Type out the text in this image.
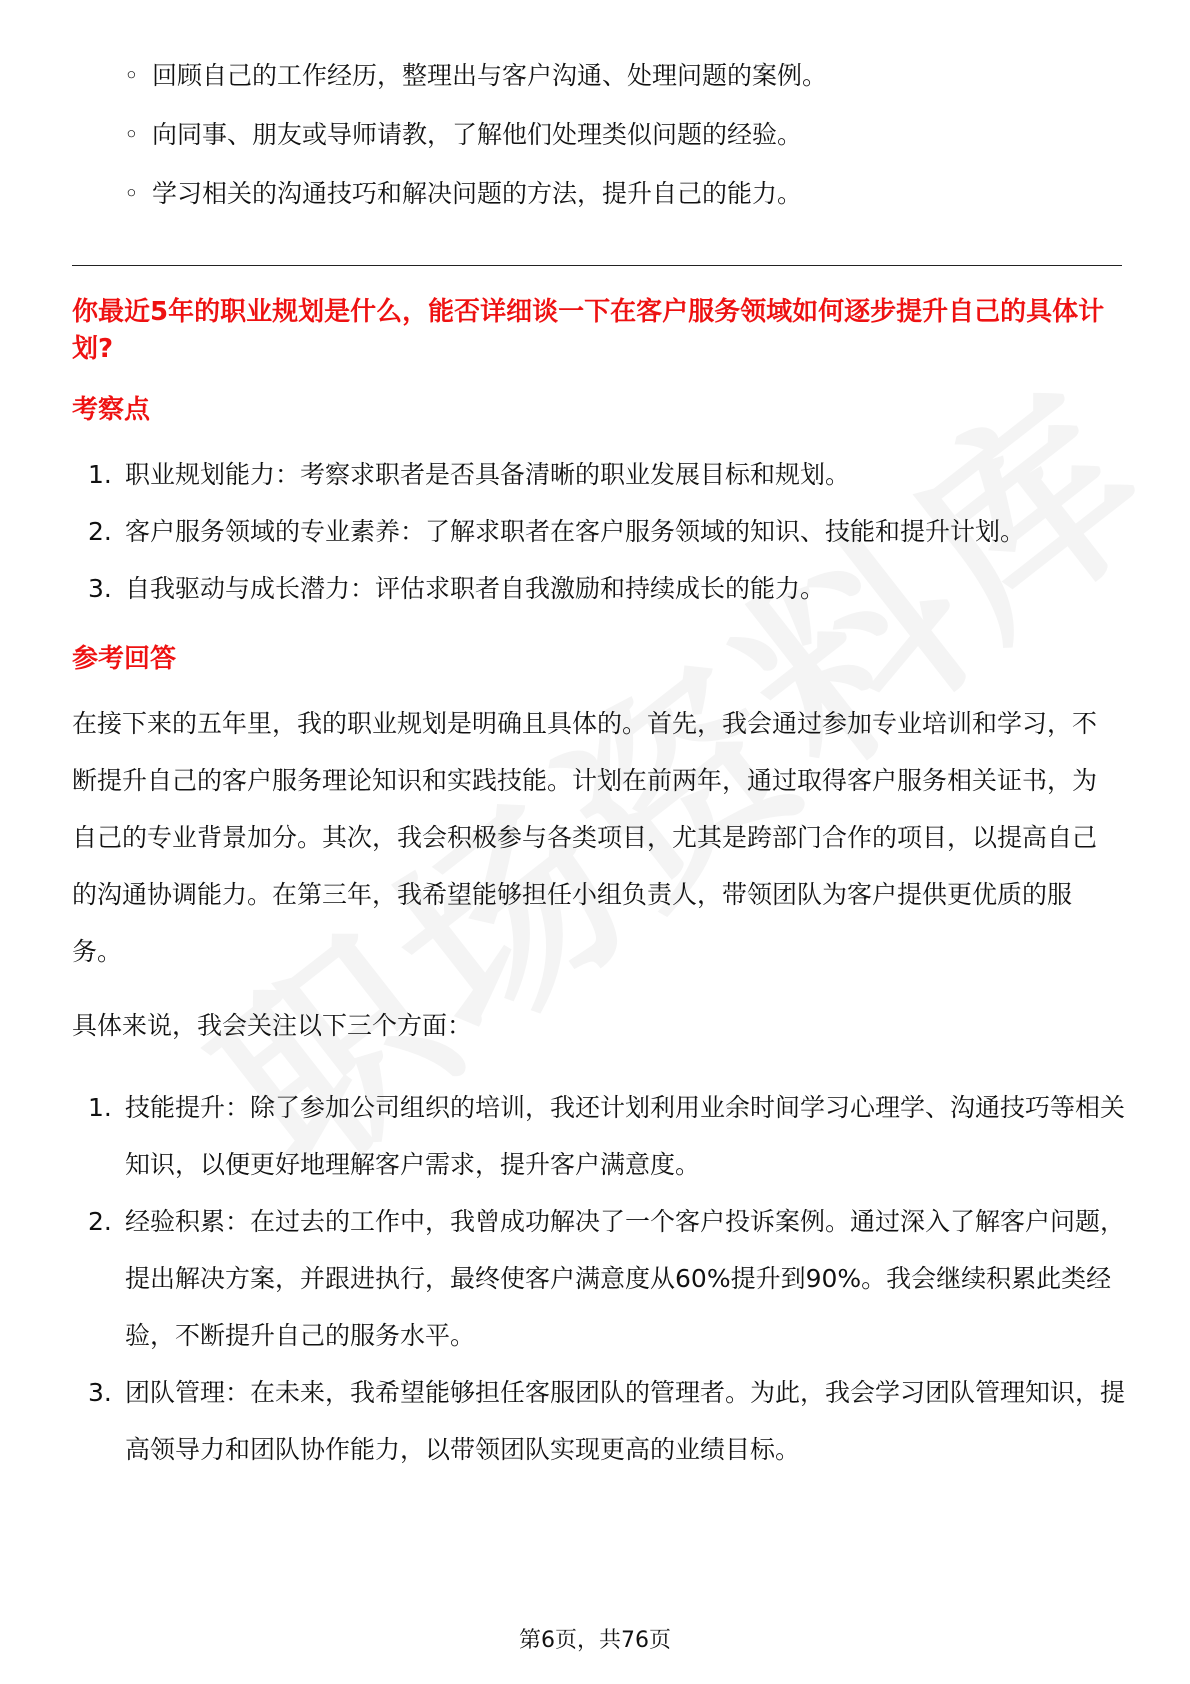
◦ 回顾自己的工作经历，整理出与客户沟通、处理问题的案例。
◦ 向同事、朋友或导师请教，了解他们处理类似问题的经验。
◦ 学习相关的沟通技巧和解决问题的方法，提升自己的能力。

你最近5年的职业规划是什么，能否详细谈一下在客户服务领域如何逐步提升自己的具体计划?

考察点
1. 职业规划能力：考察求职者是否具备清晰的职业发展目标和规划。
2. 客户服务领域的专业素养：了解求职者在客户服务领域的知识、技能和提升计划。
3. 自我驱动与成长潜力：评估求职者自我激励和持续成长的能力。
参考回答

在接下来的五年里，我的职业规划是明确且具体的。首先，我会通过参加专业培训和学习，不断提升自己的客户服务理论知识和实践技能。计划在前两年，通过取得客户服务相关证书，为自己的专业背景加分。其次，我会积极参与各类项目，尤其是跨部门合作的项目，以提高自己的沟通协调能力。在第三年，我希望能够担任小组负责人，带领团队为客户提供更优质的服务。

具体来说，我会关注以下三个方面：

1. 技能提升：除了参加公司组织的培训，我还计划利用业余时间学习心理学、沟通技巧等相关知识，以便更好地理解客户需求，提升客户满意度。
2. 经验积累：在过去的工作中，我曾成功解决了一个客户投诉案例。通过深入了解客户问题，提出解决方案，并跟进执行，最终使客户满意度从60%提升到90%。我会继续积累此类经验，不断提升自己的服务水平。
3. 团队管理：在未来，我希望能够担任客服团队的管理者。为此，我会学习团队管理知识，提高领导力和团队协作能力，以带领团队实现更高的业绩目标。
第6页，共76页
